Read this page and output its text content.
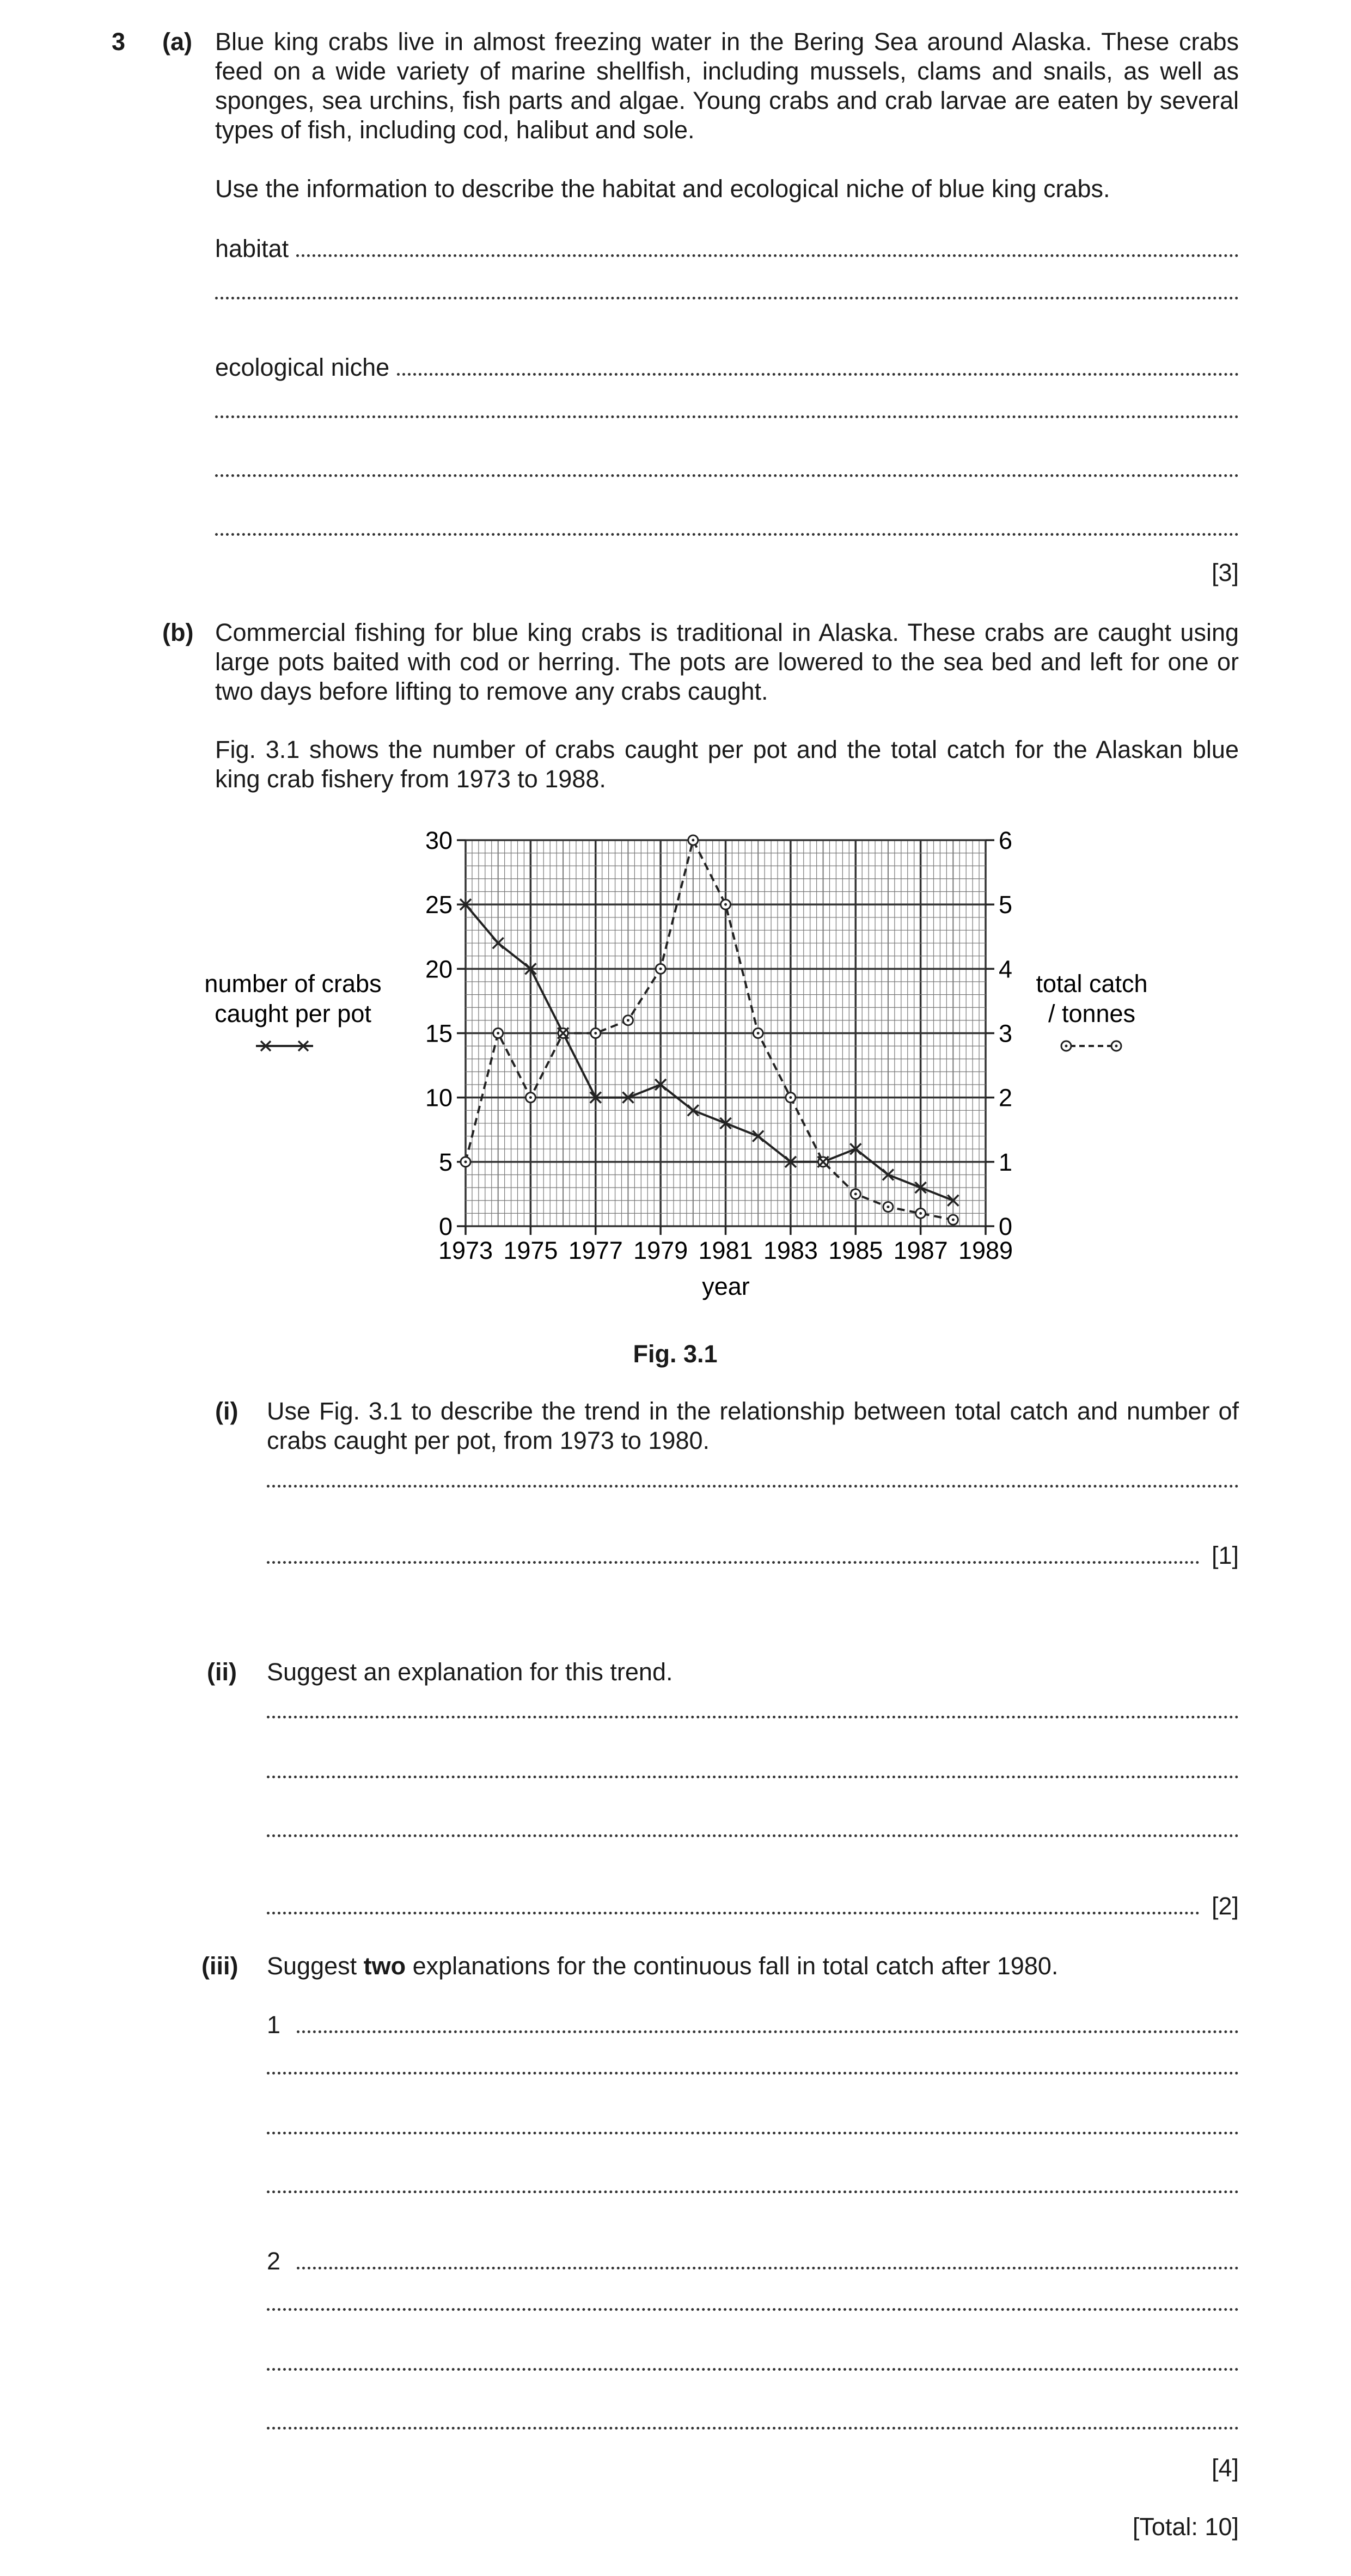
3 (a) Blue king crabs live in almost freezing water in the Bering Sea around Alaska. These crabs feed on a wide variety of marine shellfish, including mussels, clams and snails, as well as sponges, sea urchins, fish parts and algae. Young crabs and crab larvae are eaten by several types of fish, including cod, halibut and sole.
Use the information to describe the habitat and ecological niche of blue king crabs.
habitat
ecological niche
[3]
(b) Commercial fishing for blue king crabs is traditional in Alaska. These crabs are caught using large pots baited with cod or herring. The pots are lowered to the sea bed and left for one or two days before lifting to remove any crabs caught.
Fig. 3.1 shows the number of crabs caught per pot and the total catch for the Alaskan blue king crab fishery from 1973 to 1988.
0
5
10
15
20
25
30
0
1
2
3
4
5
6
1973 1975 1977 1979 1981 1983 1985 1987 1989
year
number of crabs
caught per pot
total catch
/ tonnes
Fig. 3.1
(i) Use Fig. 3.1 to describe the trend in the relationship between total catch and number of crabs caught per pot, from 1973 to 1980.
[1]
(ii) Suggest an explanation for this trend.
[2]
(iii) Suggest two explanations for the continuous fall in total catch after 1980.
1
2
[4]
[Total: 10]
